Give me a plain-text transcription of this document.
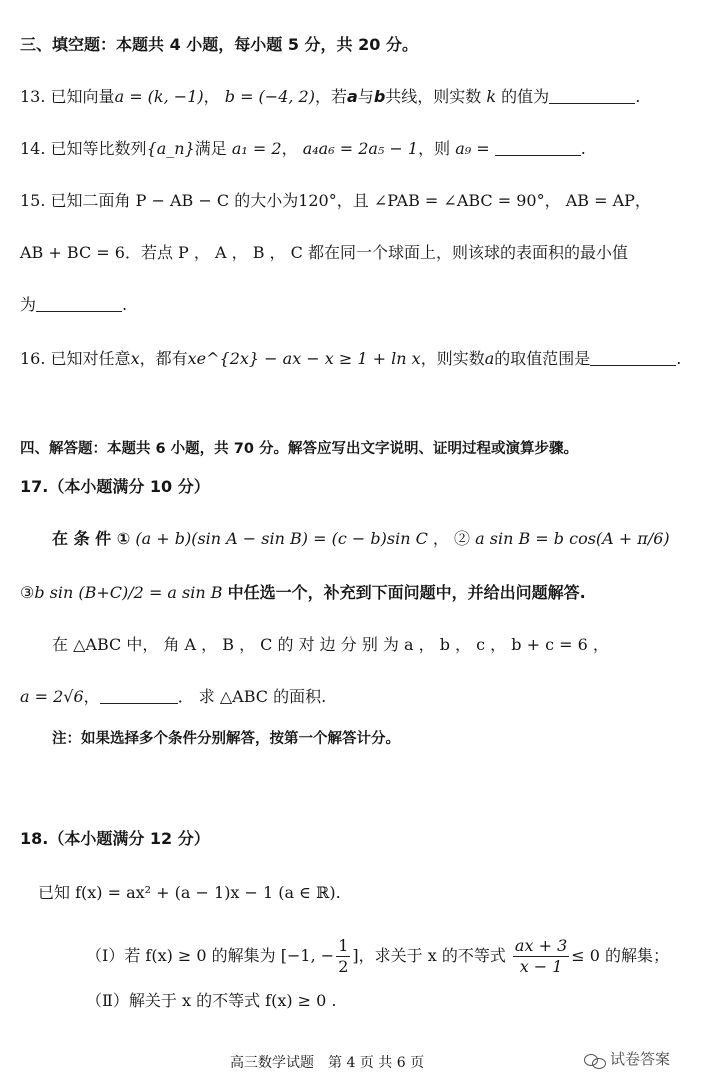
三、填空题：本题共 4 小题，每小题 5 分，共 20 分。
13. 已知向量a = (k, −1)， b = (−4, 2)，若a与b共线，则实数 k 的值为	.
14. 已知等比数列{a_n}满足 a₁ = 2， a₄a₆ = 2a₅ − 1，则 a₉ =	.
15. 已知二面角 P − AB − C 的大小为120°，且 ∠PAB = ∠ABC = 90°， AB = AP，
AB + BC = 6．若点 P ， A ， B ， C 都在同一个球面上，则该球的表面积的最小值
为	.
16. 已知对任意x，都有xe^{2x} − ax − x ≥ 1 + ln x，则实数a的取值范围是	.
四、解答题：本题共 6 小题，共 70 分。解答应写出文字说明、证明过程或演算步骤。
17.（本小题满分 10 分）
在 条 件 ① (a + b)(sin A − sin B) = (c − b)sin C ， ② a sin B = b cos(A + π/6)
③b sin (B+C)/2 = a sin B 中任选一个，补充到下面问题中，并给出问题解答.
在 △ABC 中， 角 A ， B ， C 的 对 边 分 别 为 a ， b ， c ， b + c = 6 ，
a = 2√6，	． 求 △ABC 的面积.
注：如果选择多个条件分别解答，按第一个解答计分。
18.（本小题满分 12 分）
已知 f(x) = ax² + (a − 1)x − 1 (a ∈ ℝ).
（Ⅰ）若 f(x) ≥ 0 的解集为 [−1, − $\frac{1}{2}$ ]，求关于 x 的不等式 $\frac{ax + 3}{x - 1} \le 0$ 的解集；
（Ⅱ）解关于 x 的不等式 f(x) ≥ 0 .
高三数学试题　第 4 页 共 6 页	试卷答案
